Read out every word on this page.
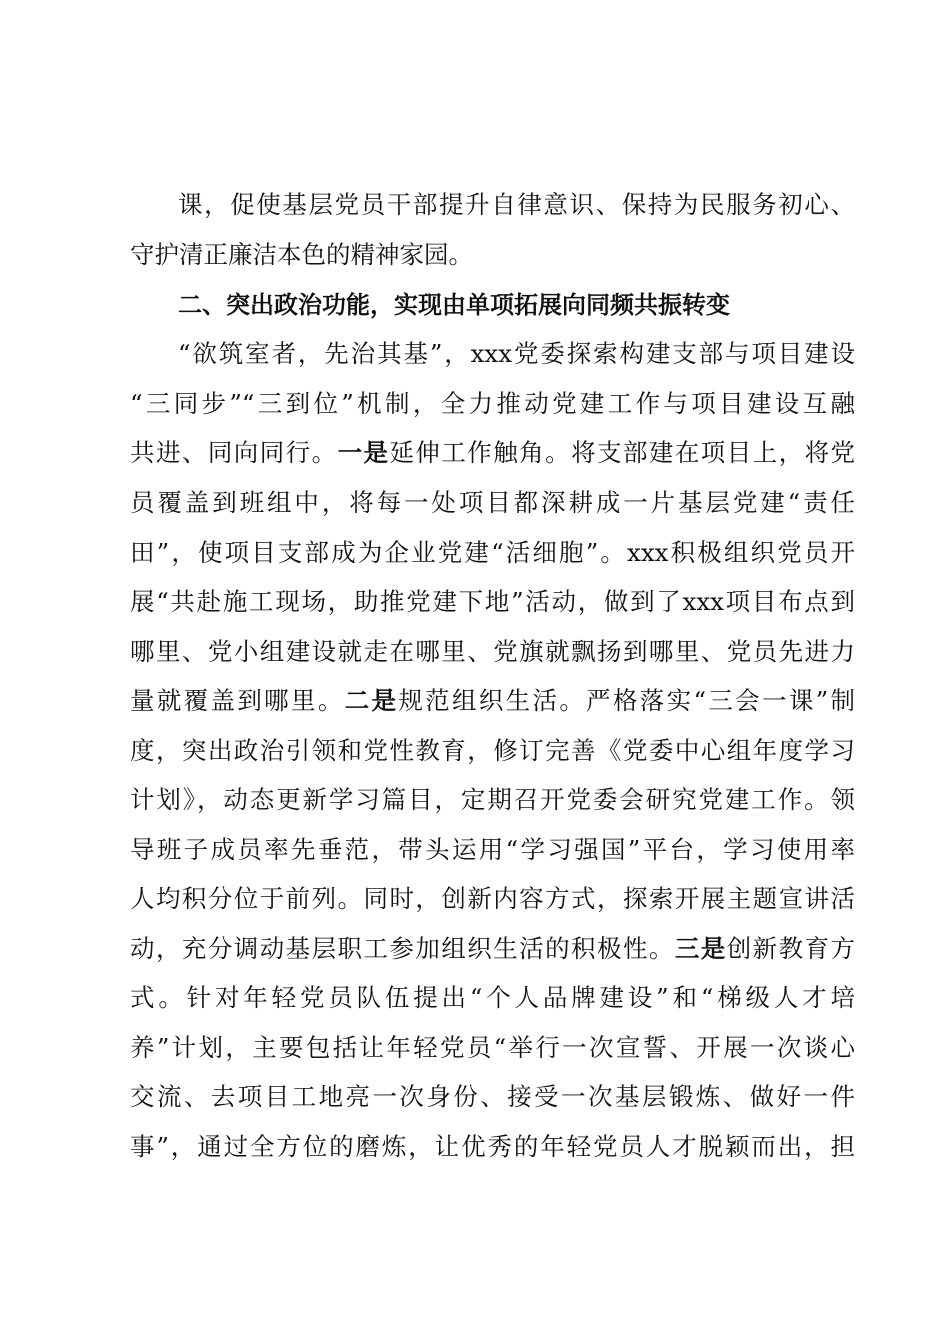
课，促使基层党员干部提升自律意识、保持为民服务初心、
守护清正廉洁本色的精神家园。
二、突出政治功能，实现由单项拓展向同频共振转变
“欲筑室者，先治其基”，xxx党委探索构建支部与项目建设
“三同步”“三到位”机制，全力推动党建工作与项目建设互融
共进、同向同行。一是延伸工作触角。将支部建在项目上，将党
员覆盖到班组中，将每一处项目都深耕成一片基层党建“责任
田”，使项目支部成为企业党建“活细胞”。xxx积极组织党员开
展“共赴施工现场，助推党建下地”活动，做到了xxx项目布点到
哪里、党小组建设就走在哪里、党旗就飘扬到哪里、党员先进力
量就覆盖到哪里。二是规范组织生活。严格落实“三会一课”制
度，突出政治引领和党性教育，修订完善《党委中心组年度学习
计划》，动态更新学习篇目，定期召开党委会研究党建工作。领
导班子成员率先垂范，带头运用“学习强国”平台，学习使用率
人均积分位于前列。同时，创新内容方式，探索开展主题宣讲活
动，充分调动基层职工参加组织生活的积极性。三是创新教育方
式。针对年轻党员队伍提出“个人品牌建设”和“梯级人才培
养”计划，主要包括让年轻党员“举行一次宣誓、开展一次谈心
交流、去项目工地亮一次身份、接受一次基层锻炼、做好一件
事”，通过全方位的磨炼，让优秀的年轻党员人才脱颖而出，担
